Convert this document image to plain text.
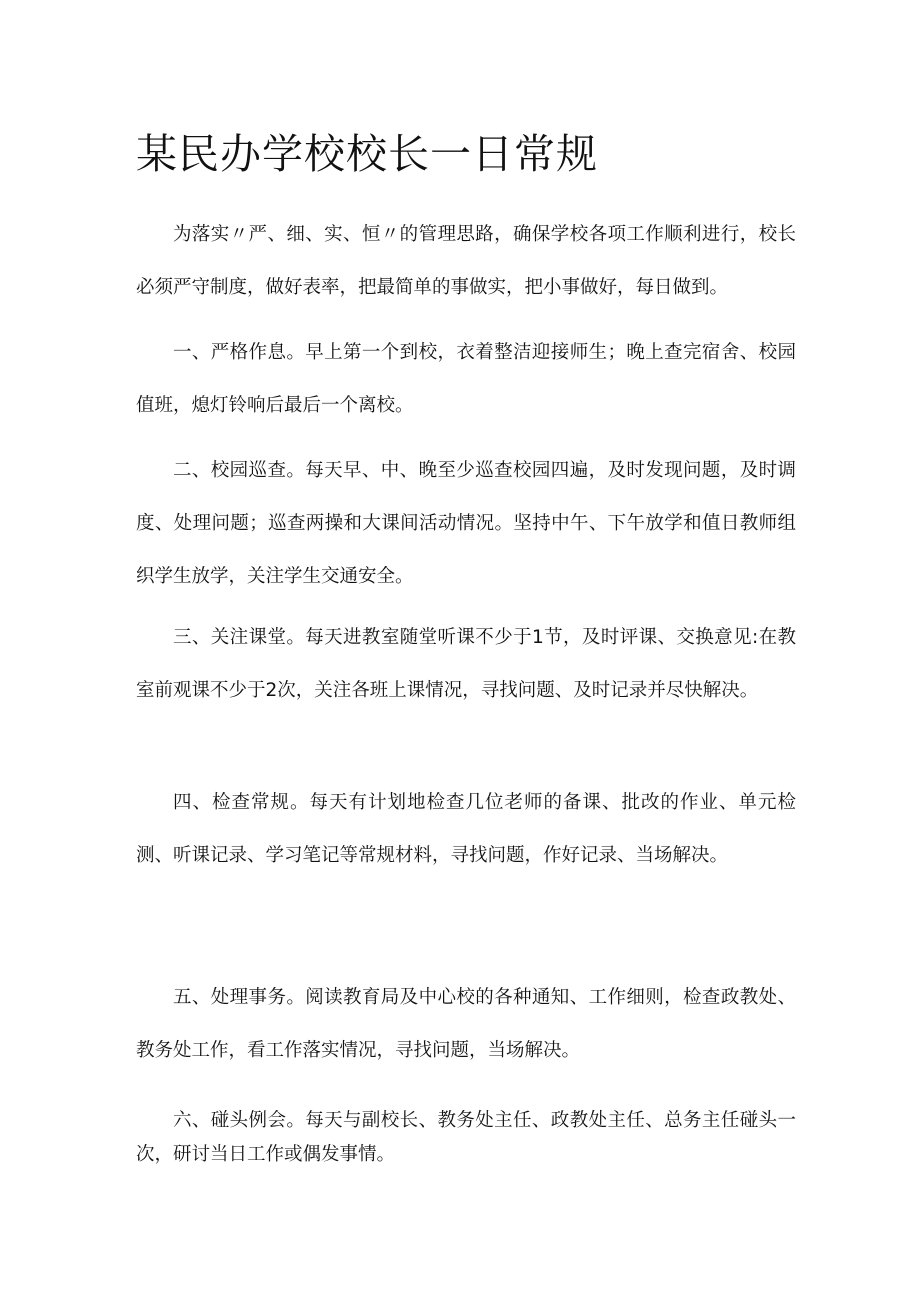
某民办学校校长一日常规

为落实〃严、细、实、恒〃的管理思路，确保学校各项工作顺利进行，校长必须严守制度，做好表率，把最简单的事做实，把小事做好，每日做到。

一、严格作息。早上第一个到校，衣着整洁迎接师生；晚上查完宿舍、校园值班，熄灯铃响后最后一个离校。

二、校园巡查。每天早、中、晚至少巡查校园四遍，及时发现问题，及时调度、处理问题；巡查两操和大课间活动情况。坚持中午、下午放学和值日教师组织学生放学，关注学生交通安全。

三、关注课堂。每天进教室随堂听课不少于1节，及时评课、交换意见:在教室前观课不少于2次，关注各班上课情况，寻找问题、及时记录并尽快解决。

四、检查常规。每天有计划地检查几位老师的备课、批改的作业、单元检测、听课记录、学习笔记等常规材料，寻找问题，作好记录、当场解决。

五、处理事务。阅读教育局及中心校的各种通知、工作细则，检查政教处、教务处工作，看工作落实情况，寻找问题，当场解决。

六、碰头例会。每天与副校长、教务处主任、政教处主任、总务主任碰头一次，研讨当日工作或偶发事情。
